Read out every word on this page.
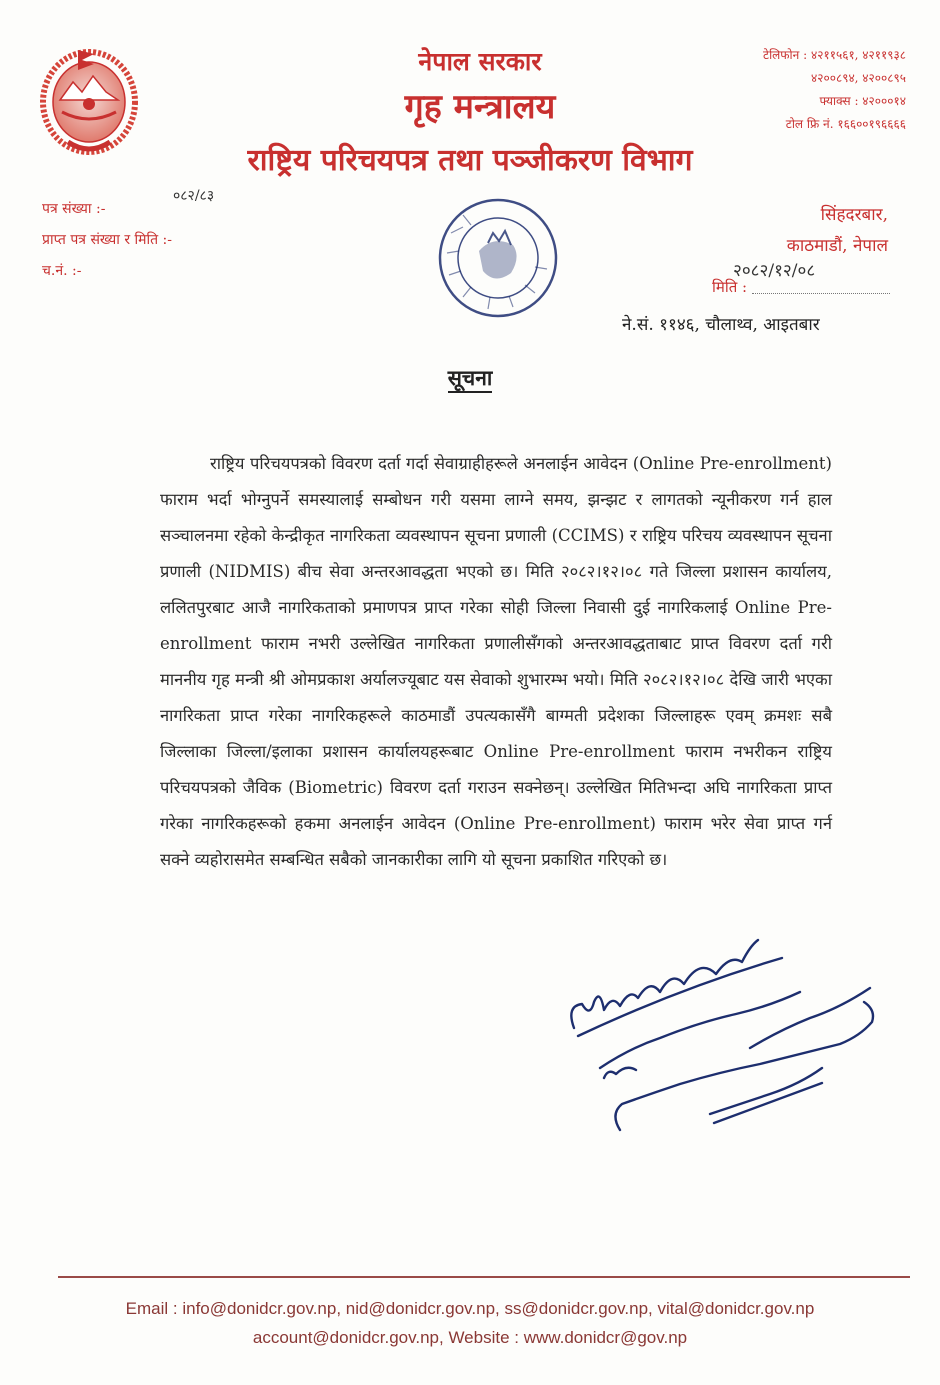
नेपाल सरकार
गृह मन्त्रालय
राष्ट्रिय परिचयपत्र तथा पञ्जीकरण विभाग
टेलिफोन : ४२११५६१, ४२११९३८
४२००८९४, ४२००८९५
फ्याक्स : ४२०००१४
टोल फ्रि नं. १६६००१९६६६६
पत्र संख्या :-
प्राप्त पत्र संख्या र मिति :-
च.नं. :-
०८२/८३
सिंहदरबार,
काठमाडौं, नेपाल
२०८२/१२/०८
मिति :
ने.सं. ११४६, चौलाथ्व, आइतबार
सूचना
राष्ट्रिय परिचयपत्रको विवरण दर्ता गर्दा सेवाग्राहीहरूले अनलाईन आवेदन (Online Pre-enrollment) फाराम भर्दा भोग्नुपर्ने समस्यालाई सम्बोधन गरी यसमा लाग्ने समय, झन्झट र लागतको न्यूनीकरण गर्न हाल सञ्चालनमा रहेको केन्द्रीकृत नागरिकता व्यवस्थापन सूचना प्रणाली (CCIMS) र राष्ट्रिय परिचय व्यवस्थापन सूचना प्रणाली (NIDMIS) बीच सेवा अन्तरआवद्धता भएको छ। मिति २०८२।१२।०८ गते जिल्ला प्रशासन कार्यालय, ललितपुरबाट आजै नागरिकताको प्रमाणपत्र प्राप्त गरेका सोही जिल्ला निवासी दुई नागरिकलाई Online Pre-enrollment फाराम नभरी उल्लेखित नागरिकता प्रणालीसँगको अन्तरआवद्धताबाट प्राप्त विवरण दर्ता गरी माननीय गृह मन्त्री श्री ओमप्रकाश अर्यालज्यूबाट यस सेवाको शुभारम्भ भयो। मिति २०८२।१२।०८ देखि जारी भएका नागरिकता प्राप्त गरेका नागरिकहरूले काठमाडौं उपत्यकासँगै बाग्मती प्रदेशका जिल्लाहरू एवम् क्रमशः सबै जिल्लाका जिल्ला/इलाका प्रशासन कार्यालयहरूबाट Online Pre-enrollment फाराम नभरीकन राष्ट्रिय परिचयपत्रको जैविक (Biometric) विवरण दर्ता गराउन सक्नेछन्। उल्लेखित मितिभन्दा अघि नागरिकता प्राप्त गरेका नागरिकहरूको हकमा अनलाईन आवेदन (Online Pre-enrollment) फाराम भरेर सेवा प्राप्त गर्न सक्ने व्यहोरासमेत सम्बन्धित सबैको जानकारीका लागि यो सूचना प्रकाशित गरिएको छ।
Email : info@donidcr.gov.np, nid@donidcr.gov.np, ss@donidcr.gov.np, vital@donidcr.gov.np
account@donidcr.gov.np, Website : www.donidcr@gov.np
